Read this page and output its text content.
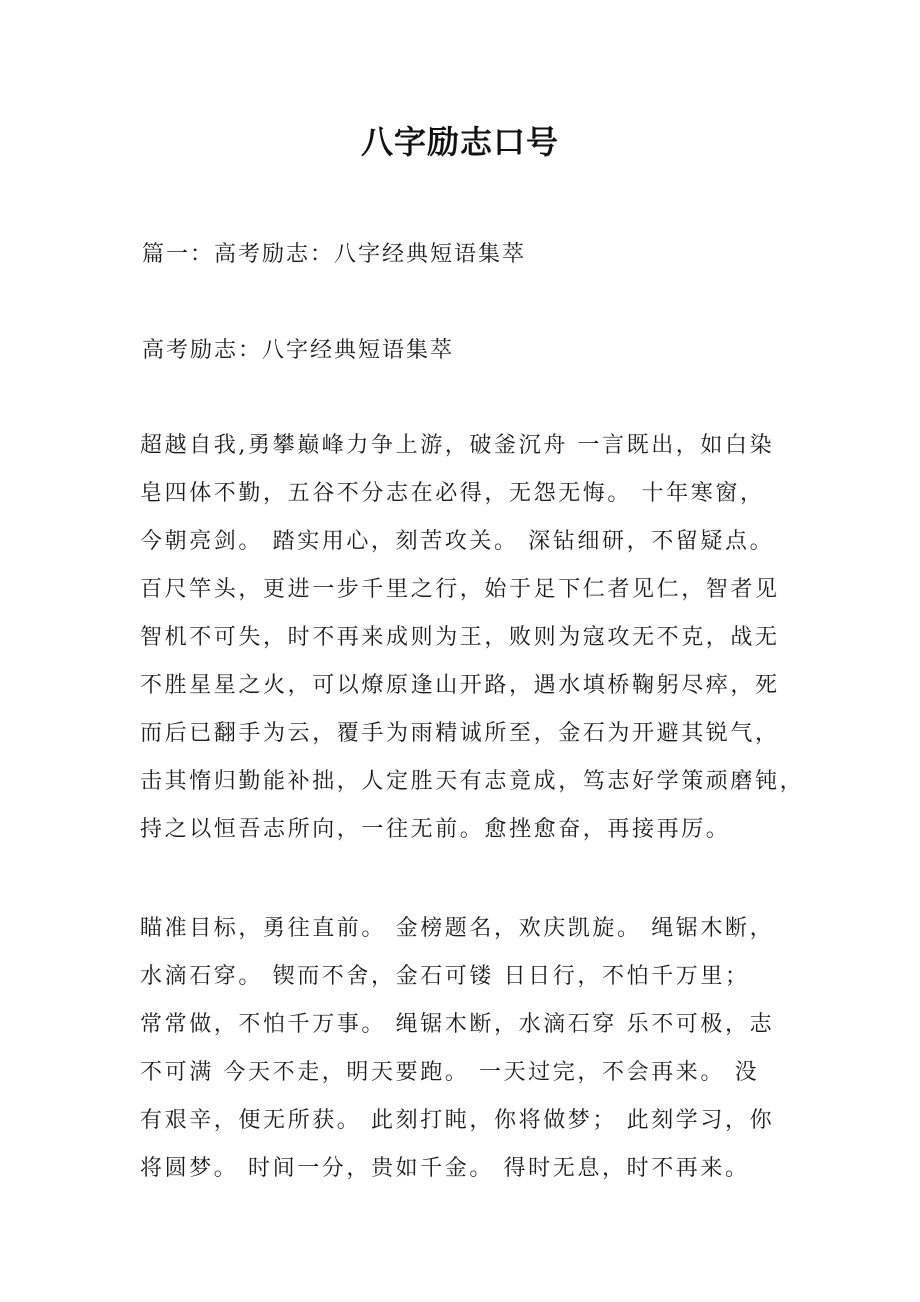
八字励志口号
篇一：高考励志：八字经典短语集萃
高考励志：八字经典短语集萃
超越自我,勇攀巅峰力争上游，破釜沉舟 一言既出，如白染
皂四体不勤，五谷不分志在必得，无怨无悔。 十年寒窗，
今朝亮剑。 踏实用心，刻苦攻关。 深钻细研，不留疑点。
百尺竿头，更进一步千里之行，始于足下仁者见仁，智者见
智机不可失，时不再来成则为王，败则为寇攻无不克，战无
不胜星星之火，可以燎原逢山开路，遇水填桥鞠躬尽瘁，死
而后已翻手为云，覆手为雨精诚所至，金石为开避其锐气，
击其惰归勤能补拙，人定胜天有志竟成，笃志好学策顽磨钝，
持之以恒吾志所向，一往无前。愈挫愈奋，再接再厉。
瞄准目标，勇往直前。 金榜题名，欢庆凯旋。 绳锯木断，
水滴石穿。 锲而不舍，金石可镂 日日行，不怕千万里；
常常做，不怕千万事。 绳锯木断，水滴石穿 乐不可极，志
不可满 今天不走，明天要跑。 一天过完，不会再来。 没
有艰辛，便无所获。 此刻打盹，你将做梦； 此刻学习，你
将圆梦。 时间一分，贵如千金。 得时无息，时不再来。
